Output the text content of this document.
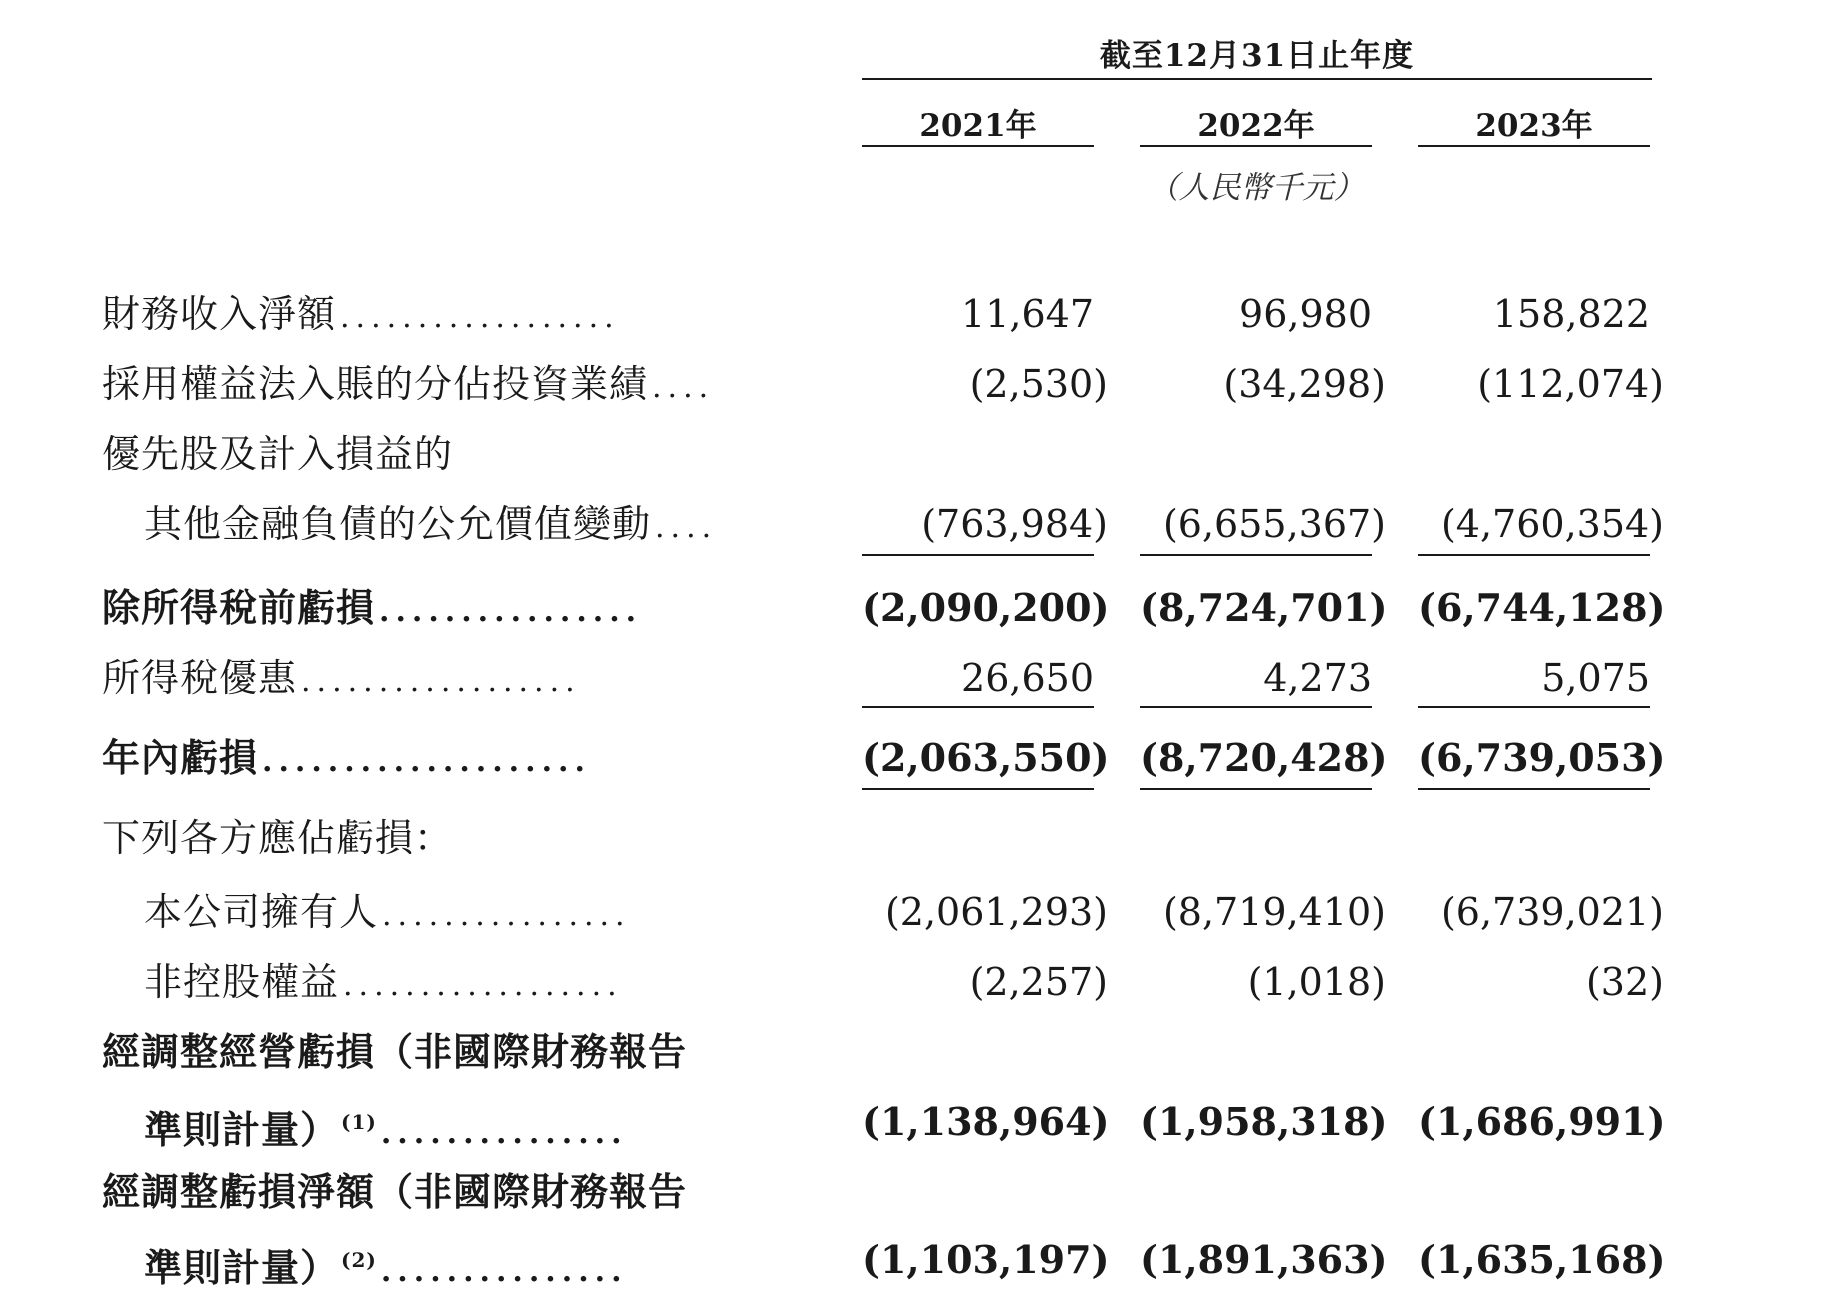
截至12月31日止年度
2021年	2022年	2023年
（人民幣千元）
財務收入淨額 ..................	11,647	96,980	158,822
採用權益法入賬的分佔投資業績 ....	(2,530)	(34,298)	(112,074)
優先股及計入損益的
其他金融負債的公允價值變動 ....	(763,984)	(6,655,367)	(4,760,354)
除所得稅前虧損 ................	(2,090,200) (8,724,701) (6,744,128)
所得稅優惠 ..................	26,650	4,273	5,075
年內虧損 ....................	(2,063,550) (8,720,428) (6,739,053)
下列各方應佔虧損：
本公司擁有人 ................	(2,061,293)	(8,719,410)	(6,739,021)
非控股權益 ..................	(2,257)	(1,018)	(32)
經調整經營虧損（非國際財務報告
準則計量） $^{(1)}$ ...............	(1,138,964) (1,958,318) (1,686,991)
經調整虧損淨額（非國際財務報告
準則計量） $^{(2)}$ ...............	(1,103,197) (1,891,363) (1,635,168)
